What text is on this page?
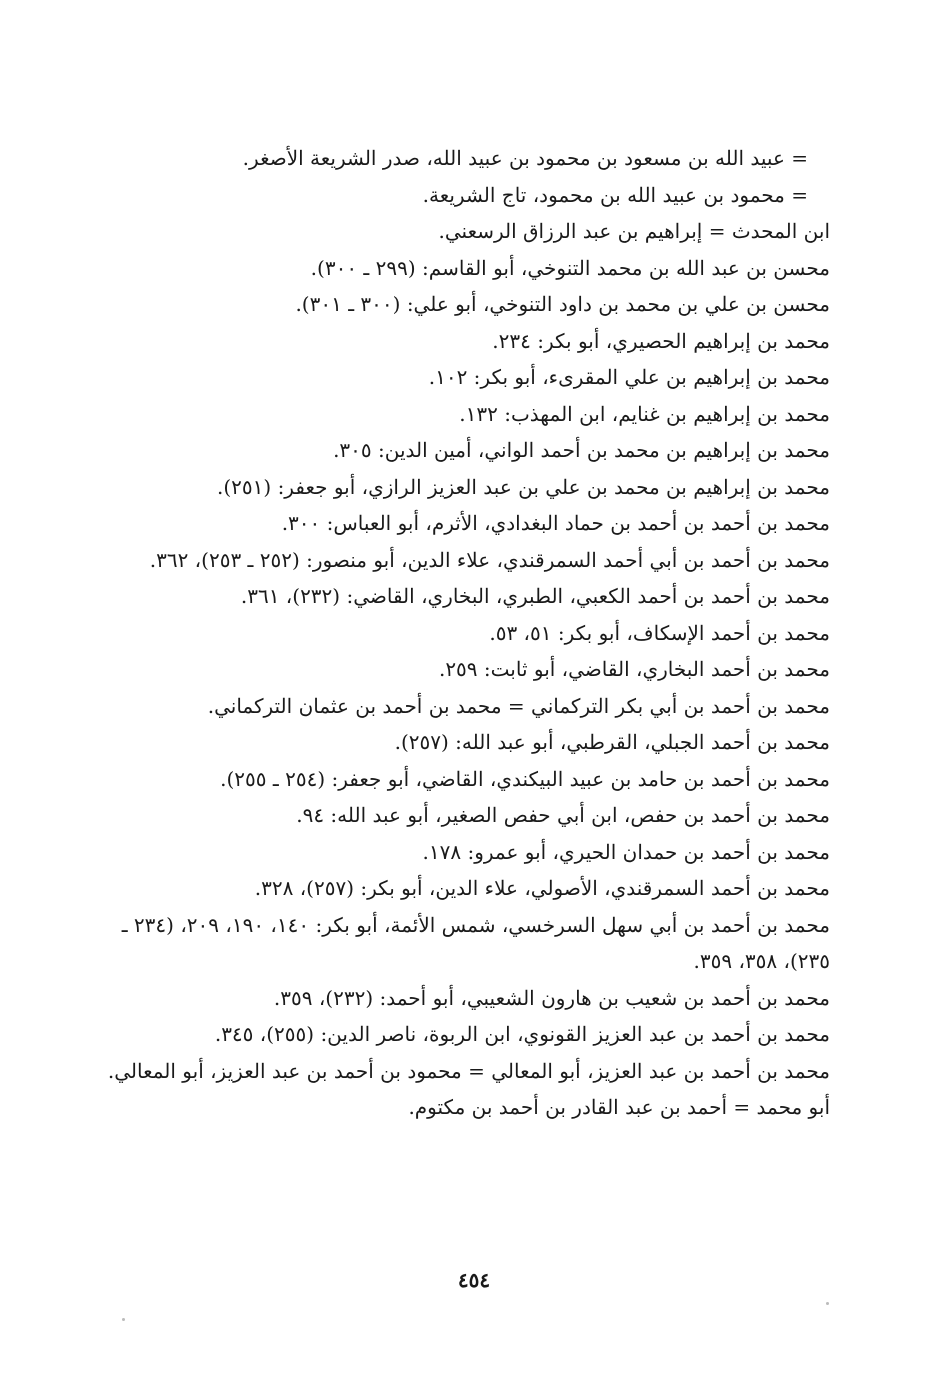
= عبيد الله بن مسعود بن محمود بن عبيد الله، صدر الشريعة الأصغر.

= محمود بن عبيد الله بن محمود، تاج الشريعة.

ابن المحدث = إبراهيم بن عبد الرزاق الرسعني.

محسن بن عبد الله بن محمد التنوخي، أبو القاسم: (٢٩٩ ـ ٣٠٠).

محسن بن علي بن محمد بن داود التنوخي، أبو علي: (٣٠٠ ـ ٣٠١).

محمد بن إبراهيم الحصيري، أبو بكر: ٢٣٤.

محمد بن إبراهيم بن علي المقرىء، أبو بكر: ١٠٢.

محمد بن إبراهيم بن غنايم، ابن المهذب: ١٣٢.

محمد بن إبراهيم بن محمد بن أحمد الواني، أمين الدين: ٣٠٥.

محمد بن إبراهيم بن محمد بن علي بن عبد العزيز الرازي، أبو جعفر: (٢٥١).

محمد بن أحمد بن أحمد بن حماد البغدادي، الأثرم، أبو العباس: ٣٠٠.

محمد بن أحمد بن أبي أحمد السمرقندي، علاء الدين، أبو منصور: (٢٥٢ ـ ٢٥٣)، ٣٦٢.

محمد بن أحمد بن أحمد الكعبي، الطبري، البخاري، القاضي: (٢٣٢)، ٣٦١.

محمد بن أحمد الإسكاف، أبو بكر: ٥١، ٥٣.

محمد بن أحمد البخاري، القاضي، أبو ثابت: ٢٥٩.

محمد بن أحمد بن أبي بكر التركماني = محمد بن أحمد بن عثمان التركماني.

محمد بن أحمد الجبلي، القرطبي، أبو عبد الله: (٢٥٧).

محمد بن أحمد بن حامد بن عبيد البيكندي، القاضي، أبو جعفر: (٢٥٤ ـ ٢٥٥).

محمد بن أحمد بن حفص، ابن أبي حفص الصغير، أبو عبد الله: ٩٤.

محمد بن أحمد بن حمدان الحيري، أبو عمرو: ١٧٨.

محمد بن أحمد السمرقندي، الأصولي، علاء الدين، أبو بكر: (٢٥٧)، ٣٢٨.

محمد بن أحمد بن أبي سهل السرخسي، شمس الأئمة، أبو بكر: ١٤٠، ١٩٠، ٢٠٩، (٢٣٤ ـ ٢٣٥)، ٣٥٨، ٣٥٩.

محمد بن أحمد بن شعيب بن هارون الشعيبي، أبو أحمد: (٢٣٢)، ٣٥٩.

محمد بن أحمد بن عبد العزيز القونوي، ابن الربوة، ناصر الدين: (٢٥٥)، ٣٤٥.

محمد بن أحمد بن عبد العزيز، أبو المعالي = محمود بن أحمد بن عبد العزيز، أبو المعالي.

أبو محمد = أحمد بن عبد القادر بن أحمد بن مكتوم.

٤٥٤
